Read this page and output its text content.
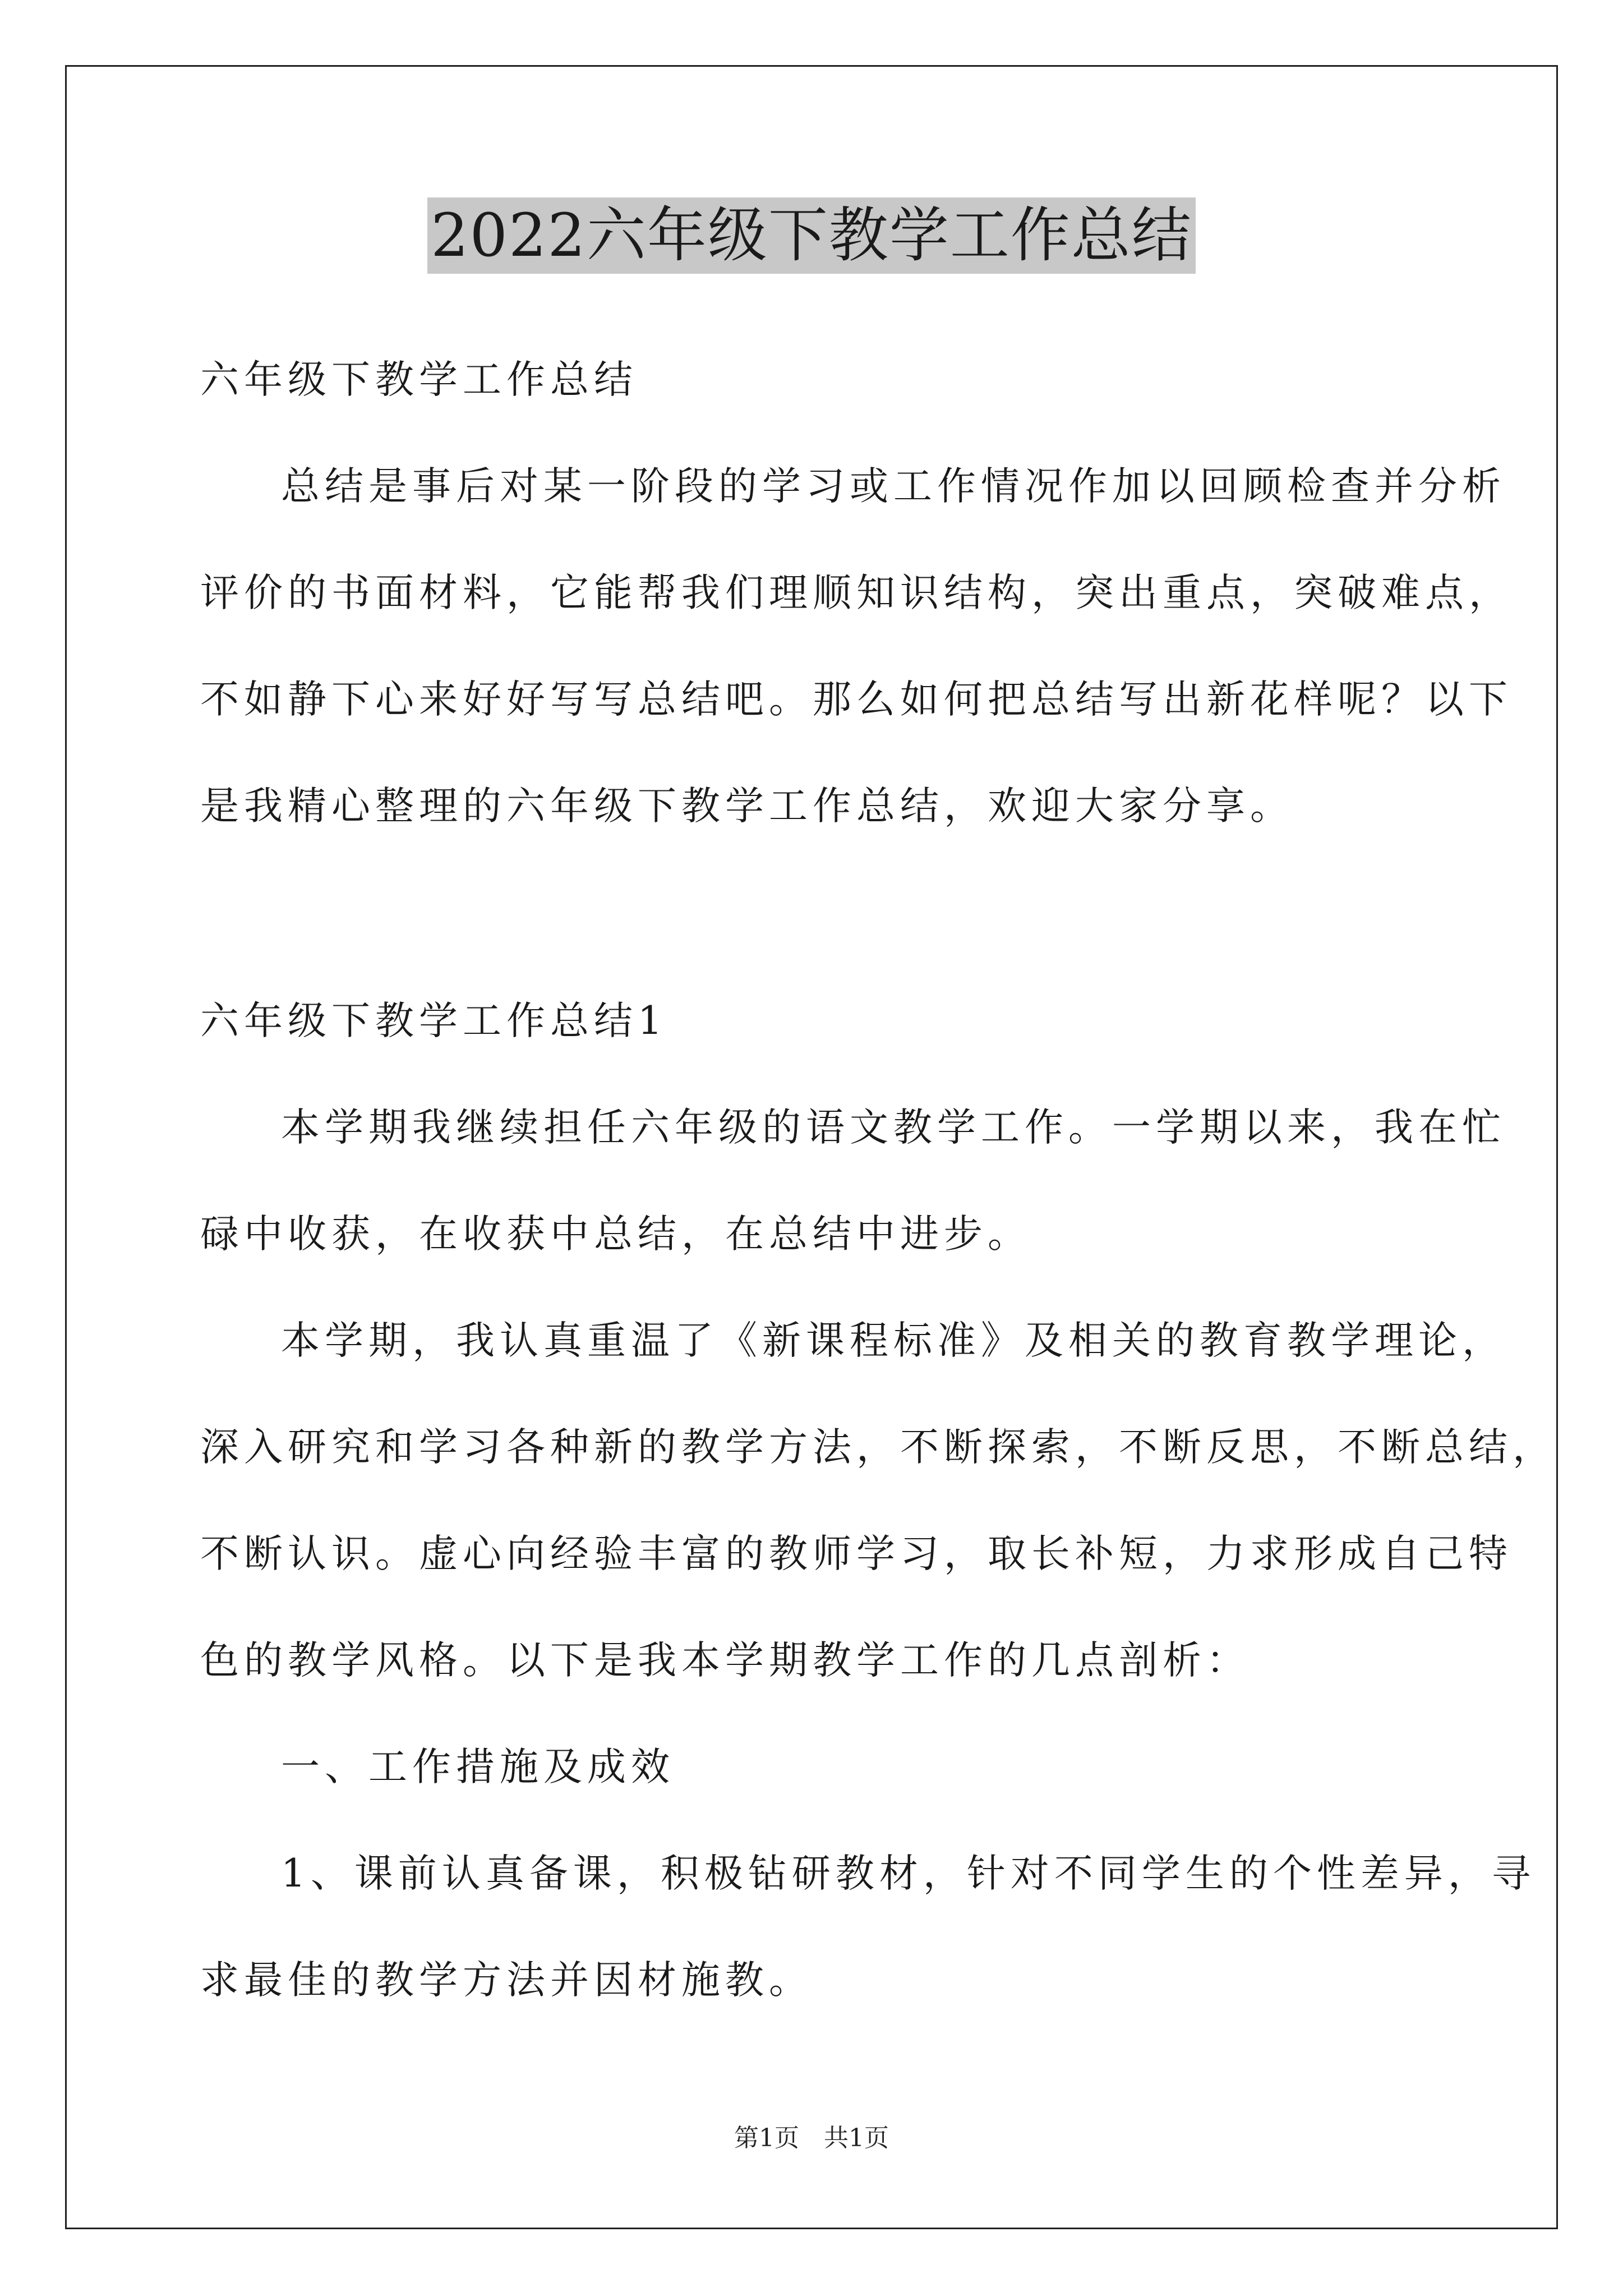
2022六年级下教学工作总结
六年级下教学工作总结
总结是事后对某一阶段的学习或工作情况作加以回顾检查并分析
评价的书面材料，它能帮我们理顺知识结构，突出重点，突破难点，
不如静下心来好好写写总结吧。那么如何把总结写出新花样呢？以下
是我精心整理的六年级下教学工作总结，欢迎大家分享。
六年级下教学工作总结1
本学期我继续担任六年级的语文教学工作。一学期以来，我在忙
碌中收获，在收获中总结，在总结中进步。
本学期，我认真重温了《新课程标准》及相关的教育教学理论，
深入研究和学习各种新的教学方法，不断探索，不断反思，不断总结，
不断认识。虚心向经验丰富的教师学习，取长补短，力求形成自己特
色的教学风格。以下是我本学期教学工作的几点剖析：
一、工作措施及成效
1、课前认真备课，积极钻研教材，针对不同学生的个性差异，寻
求最佳的教学方法并因材施教。
第1页 共1页
